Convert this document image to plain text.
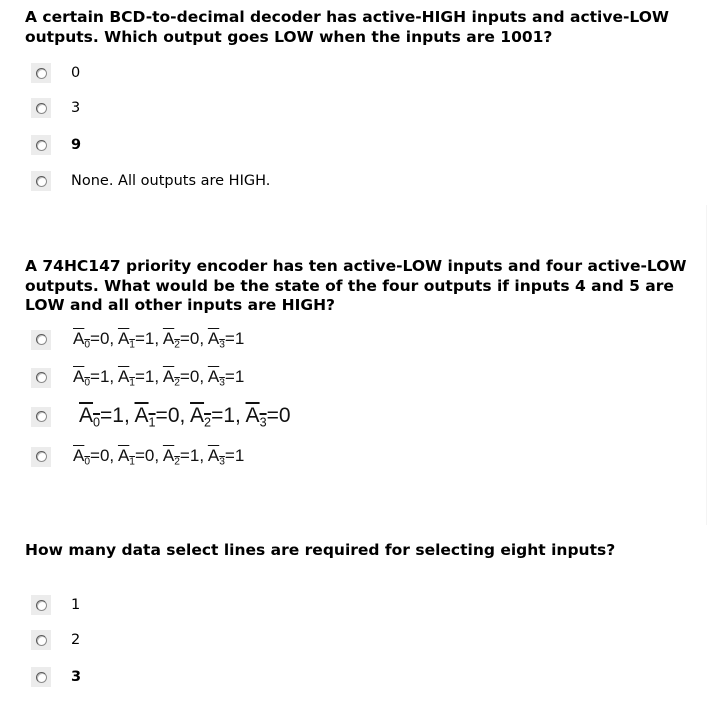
A certain BCD-to-decimal decoder has active-HIGH inputs and active-LOW outputs. Which output goes LOW when the inputs are 1001?

0
3
9
None. All outputs are HIGH.

A 74HC147 priority encoder has ten active-LOW inputs and four active-LOW outputs. What would be the state of the four outputs if inputs 4 and 5 are LOW and all other inputs are HIGH?

$A_0=0$, $A_1=1$, $A_2=0$, $A_3=1$
$A_0=1$, $A_1=1$, $A_2=0$, $A_3=1$
$A_0=1$, $A_1=0$, $A_2=1$, $A_3=0$
$A_0=0$, $A_1=0$, $A_2=1$, $A_3=1$

How many data select lines are required for selecting eight inputs?

1
2
3
